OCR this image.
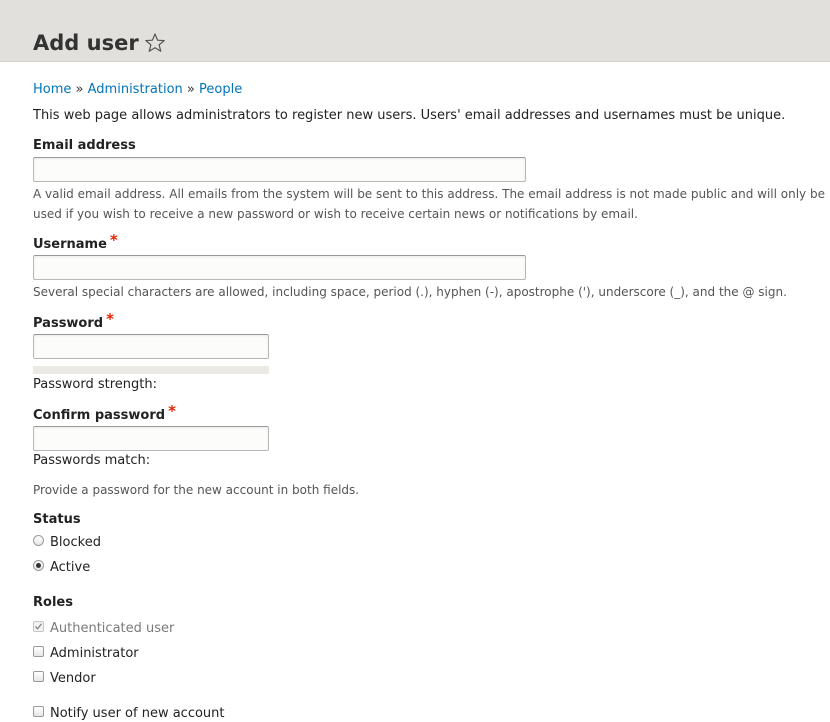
Add user
Home » Administration » People
This web page allows administrators to register new users. Users' email addresses and usernames must be unique.
Email address
A valid email address. All emails from the system will be sent to this address. The email address is not made public and will only be used if you wish to receive a new password or wish to receive certain news or notifications by email.
Username *
Several special characters are allowed, including space, period (.), hyphen (-), apostrophe ('), underscore (_), and the @ sign.
Password *
Password strength:
Confirm password *
Passwords match:
Provide a password for the new account in both fields.
Status
Blocked
Active
Roles
Authenticated user
Administrator
Vendor
Notify user of new account
